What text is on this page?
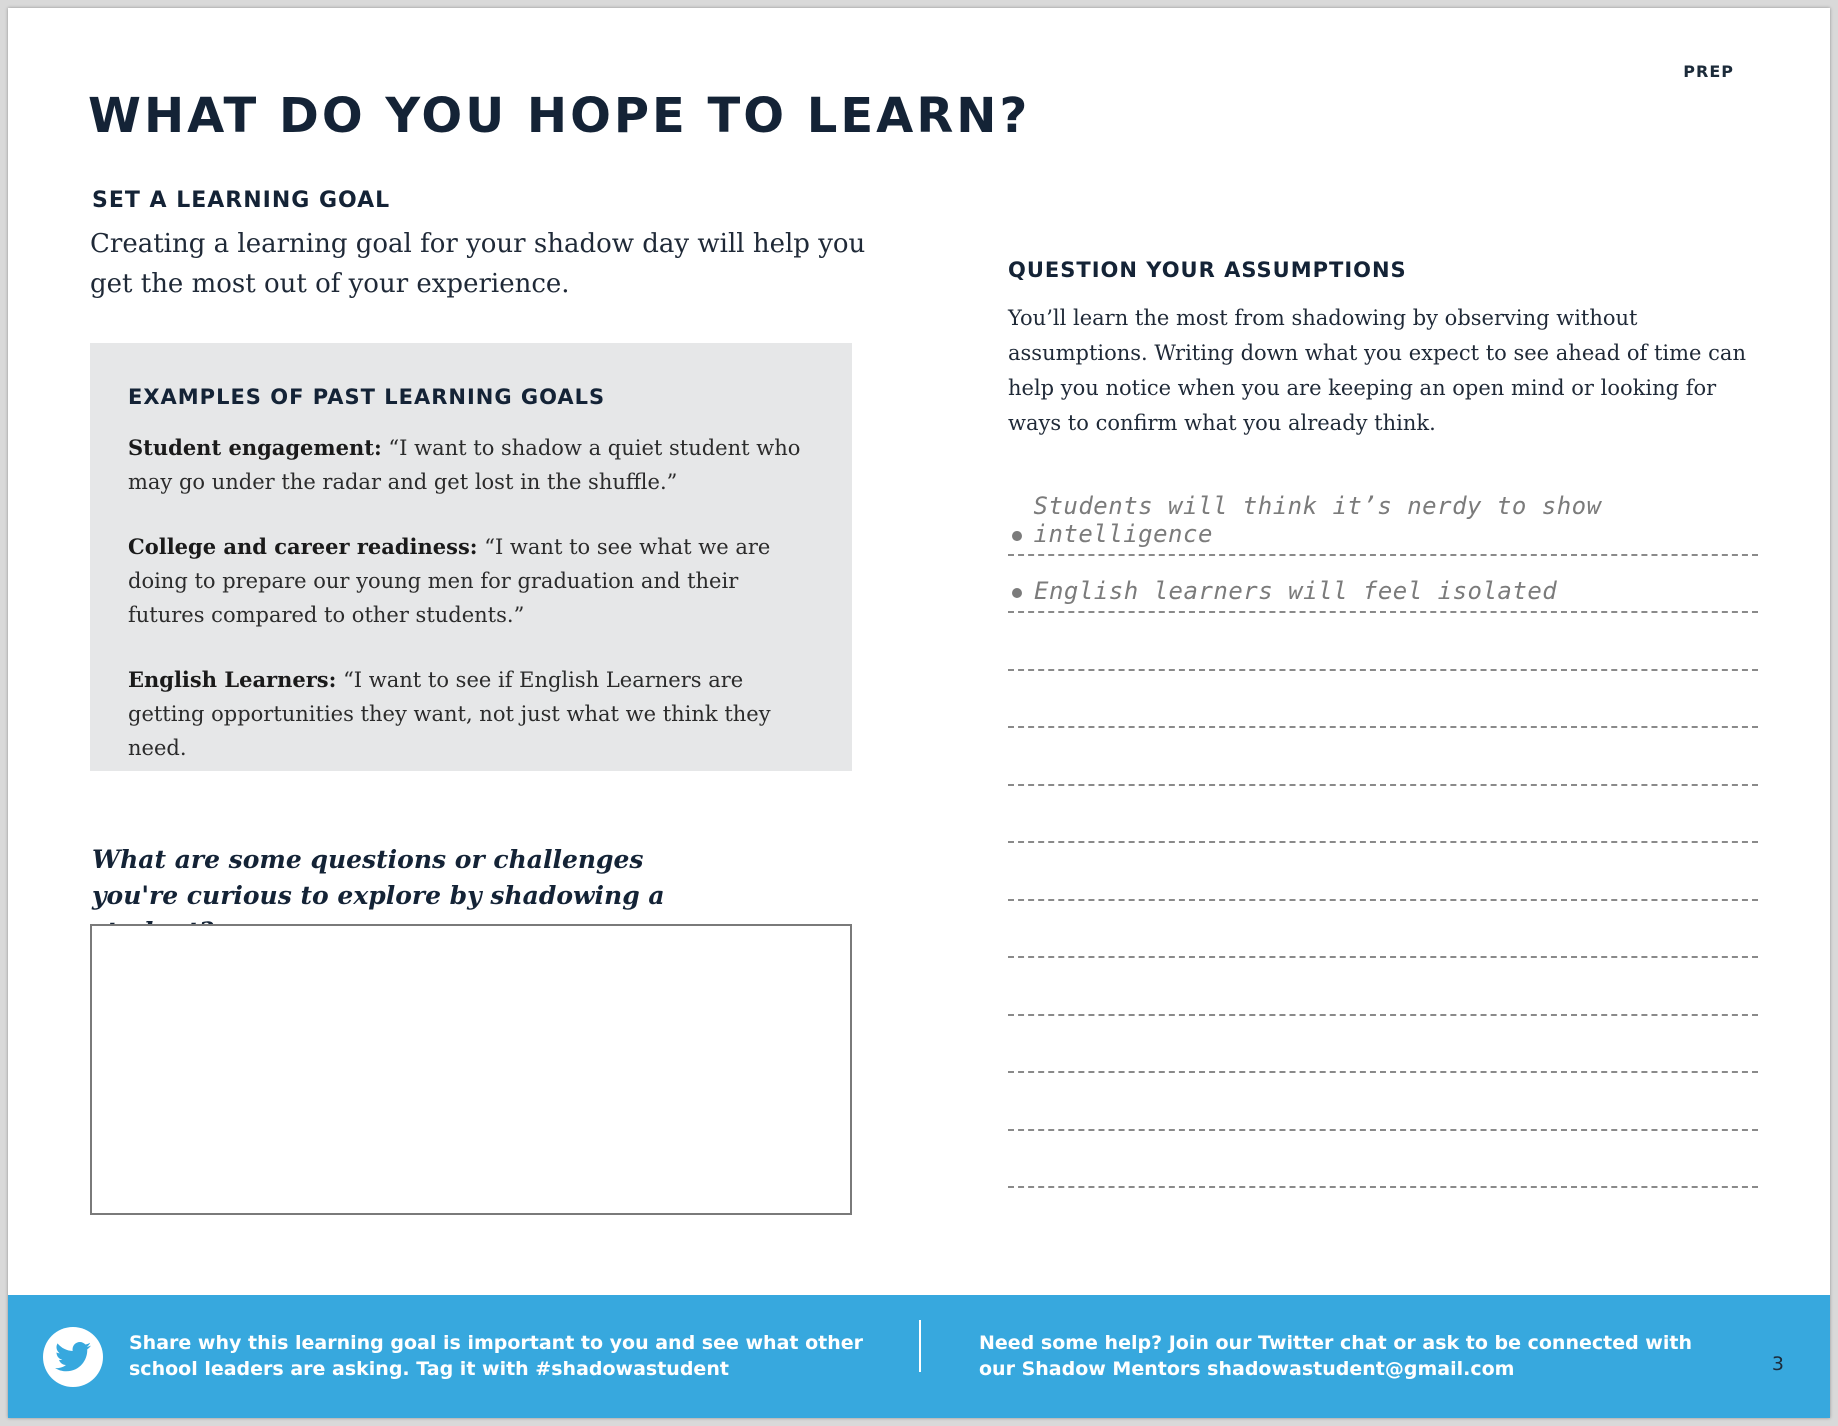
PREP
WHAT DO YOU HOPE TO LEARN?
SET A LEARNING GOAL

Creating a learning goal for your shadow day will help you get the most out of your experience.

EXAMPLES OF PAST LEARNING GOALS

Student engagement: “I want to shadow a quiet student who may go under the radar and get lost in the shuffle.”

College and career readiness: “I want to see what we are doing to prepare our young men for graduation and their futures compared to other students.”

English Learners: “I want to see if English Learners are getting opportunities they want, not just what we think they need.

What are some questions or challenges you're curious to explore by shadowing a

QUESTION YOUR ASSUMPTIONS

You’ll learn the most from shadowing by observing without assumptions. Writing down what you expect to see ahead of time can help you notice when you are keeping an open mind or looking for ways to confirm what you already think.

Students will think it’s nerdy to show intelligence
English learners will feel isolated

Share why this learning goal is important to you and see what other school leaders are asking. Tag it with #shadowastudent

Need some help? Join our Twitter chat or ask to be connected with our Shadow Mentors shadowastudent@gmail.com	3
